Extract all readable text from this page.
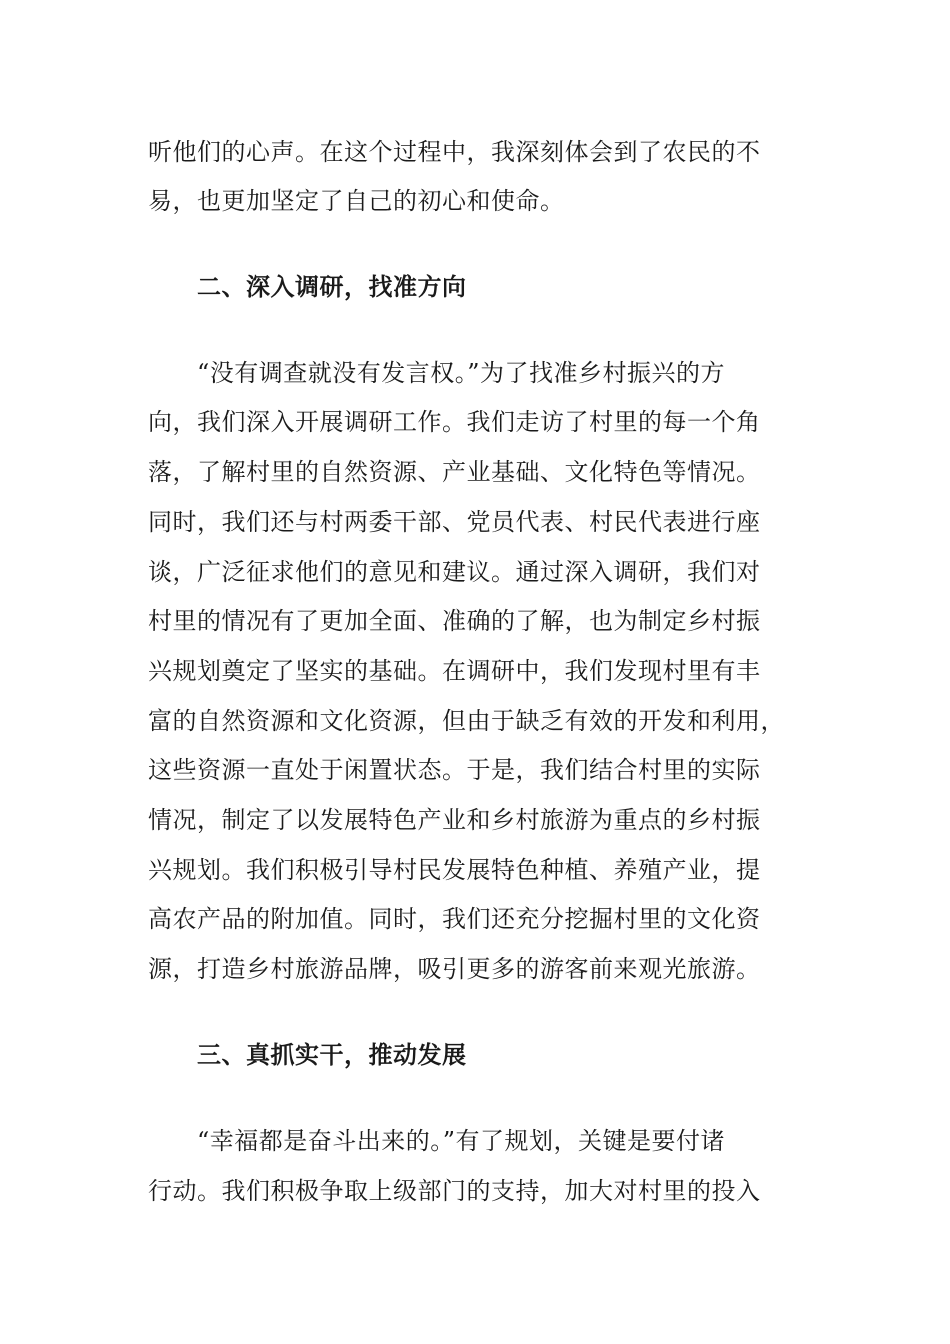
听他们的心声。在这个过程中，我深刻体会到了农民的不
易，也更加坚定了自己的初心和使命。
二、深入调研，找准方向
“没有调查就没有发言权。”为了找准乡村振兴的方
向，我们深入开展调研工作。我们走访了村里的每一个角
落，了解村里的自然资源、产业基础、文化特色等情况。
同时，我们还与村两委干部、党员代表、村民代表进行座
谈，广泛征求他们的意见和建议。通过深入调研，我们对
村里的情况有了更加全面、准确的了解，也为制定乡村振
兴规划奠定了坚实的基础。在调研中，我们发现村里有丰
富的自然资源和文化资源，但由于缺乏有效的开发和利用，
这些资源一直处于闲置状态。于是，我们结合村里的实际
情况，制定了以发展特色产业和乡村旅游为重点的乡村振
兴规划。我们积极引导村民发展特色种植、养殖产业，提
高农产品的附加值。同时，我们还充分挖掘村里的文化资
源，打造乡村旅游品牌，吸引更多的游客前来观光旅游。
三、真抓实干，推动发展
“幸福都是奋斗出来的。”有了规划，关键是要付诸
行动。我们积极争取上级部门的支持，加大对村里的投入
